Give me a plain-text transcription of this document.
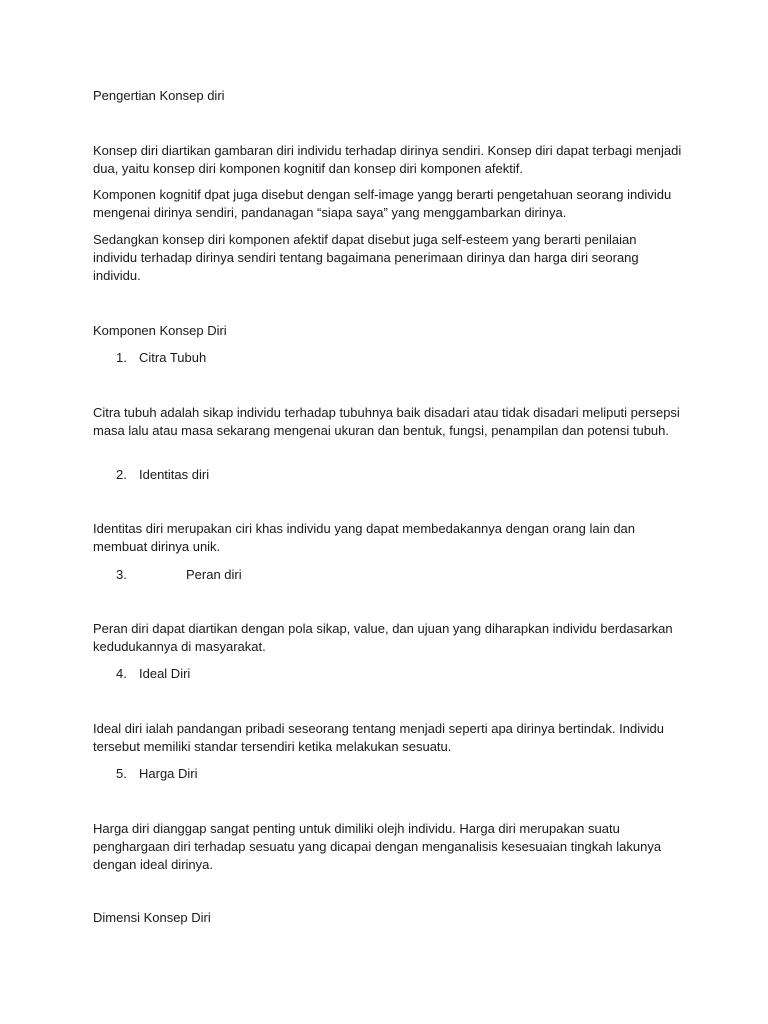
Pengertian Konsep diri

Konsep diri diartikan gambaran diri individu terhadap dirinya sendiri. Konsep diri dapat terbagi menjadi dua, yaitu konsep diri komponen kognitif dan konsep diri komponen afektif.

Komponen kognitif dpat juga disebut dengan self-image yangg berarti pengetahuan seorang individu mengenai dirinya sendiri, pandanagan “siapa saya” yang menggambarkan dirinya.

Sedangkan konsep diri komponen afektif dapat disebut juga self-esteem yang berarti penilaian individu terhadap dirinya sendiri tentang bagaimana penerimaan dirinya dan harga diri seorang individu.

Komponen Konsep Diri

1. Citra Tubuh

Citra tubuh adalah sikap individu terhadap tubuhnya baik disadari atau tidak disadari meliputi persepsi masa lalu atau masa sekarang mengenai ukuran dan bentuk, fungsi, penampilan dan potensi tubuh.

2. Identitas diri

Identitas diri merupakan ciri khas individu yang dapat membedakannya dengan orang lain dan membuat dirinya unik.

3.	Peran diri

Peran diri dapat diartikan dengan pola sikap, value, dan ujuan yang diharapkan individu berdasarkan kedudukannya di masyarakat.

4. Ideal Diri

Ideal diri ialah pandangan pribadi seseorang tentang menjadi seperti apa dirinya bertindak. Individu tersebut memiliki standar tersendiri ketika melakukan sesuatu.

5. Harga Diri

Harga diri dianggap sangat penting untuk dimiliki olejh individu. Harga diri merupakan suatu penghargaan diri terhadap sesuatu yang dicapai dengan menganalisis kesesuaian tingkah lakunya dengan ideal dirinya.

Dimensi Konsep Diri
